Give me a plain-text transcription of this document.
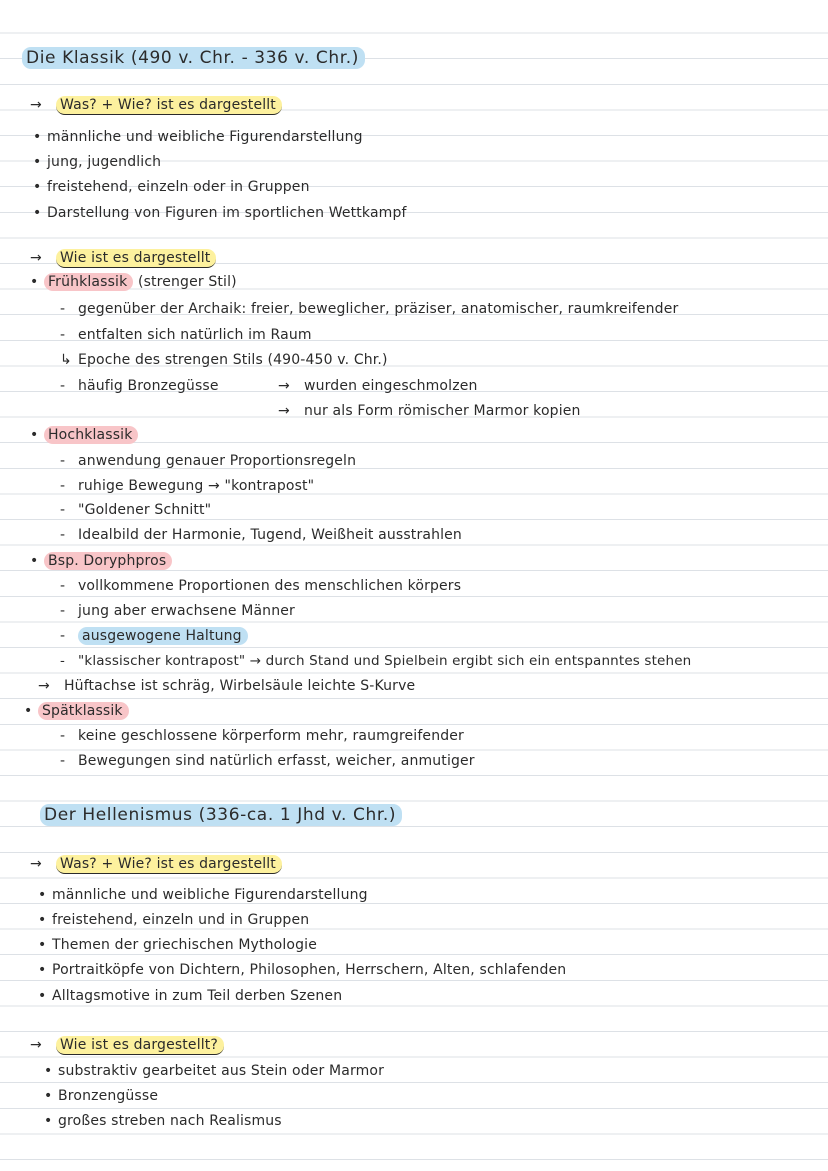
Die Klassik (490 v. Chr. - 336 v. Chr.)
→ Was? + Wie? ist es dargestellt
• männliche und weibliche Figurendarstellung
• jung, jugendlich
• freistehend, einzeln oder in Gruppen
• Darstellung von Figuren im sportlichen Wettkampf
→ Wie ist es dargestellt
• Frühklassik (strenger Stil)
- gegenüber der Archaik: freier, beweglicher, präziser, anatomischer, raumkreifender
- entfalten sich natürlich im Raum
↳ Epoche des strengen Stils (490-450 v. Chr.)
- häufig Bronzegüsse	→ wurden eingeschmolzen
→ nur als Form römischer Marmor kopien
• Hochklassik
- anwendung genauer Proportionsregeln
- ruhige Bewegung → "kontrapost"
- "Goldener Schnitt"
- Idealbild der Harmonie, Tugend, Weißheit ausstrahlen
• Bsp. Doryphpros
- vollkommene Proportionen des menschlichen körpers
- jung aber erwachsene Männer
- ausgewogene Haltung
- "klassischer kontrapost" → durch Stand und Spielbein ergibt sich ein entspanntes stehen
→ Hüftachse ist schräg, Wirbelsäule leichte S-Kurve
• Spätklassik
- keine geschlossene körperform mehr, raumgreifender
- Bewegungen sind natürlich erfasst, weicher, anmutiger
Der Hellenismus (336-ca. 1 Jhd v. Chr.)
→ Was? + Wie? ist es dargestellt
• männliche und weibliche Figurendarstellung
• freistehend, einzeln und in Gruppen
• Themen der griechischen Mythologie
• Portraitköpfe von Dichtern, Philosophen, Herrschern, Alten, schlafenden
• Alltagsmotive in zum Teil derben Szenen
→ Wie ist es dargestellt?
• substraktiv gearbeitet aus Stein oder Marmor
• Bronzengüsse
• großes streben nach Realismus
